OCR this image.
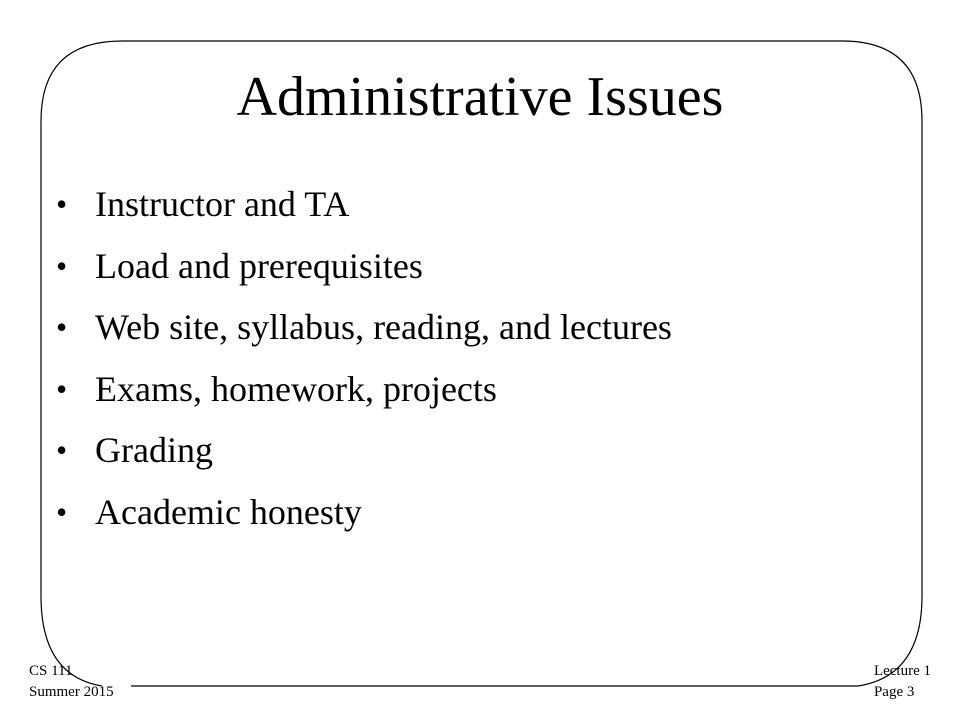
Administrative Issues
• Instructor and TA
• Load and prerequisites
• Web site, syllabus, reading, and lectures
• Exams, homework, projects
• Grading
• Academic honesty
CS 111
Summer 2015
Lecture 1
Page 3
